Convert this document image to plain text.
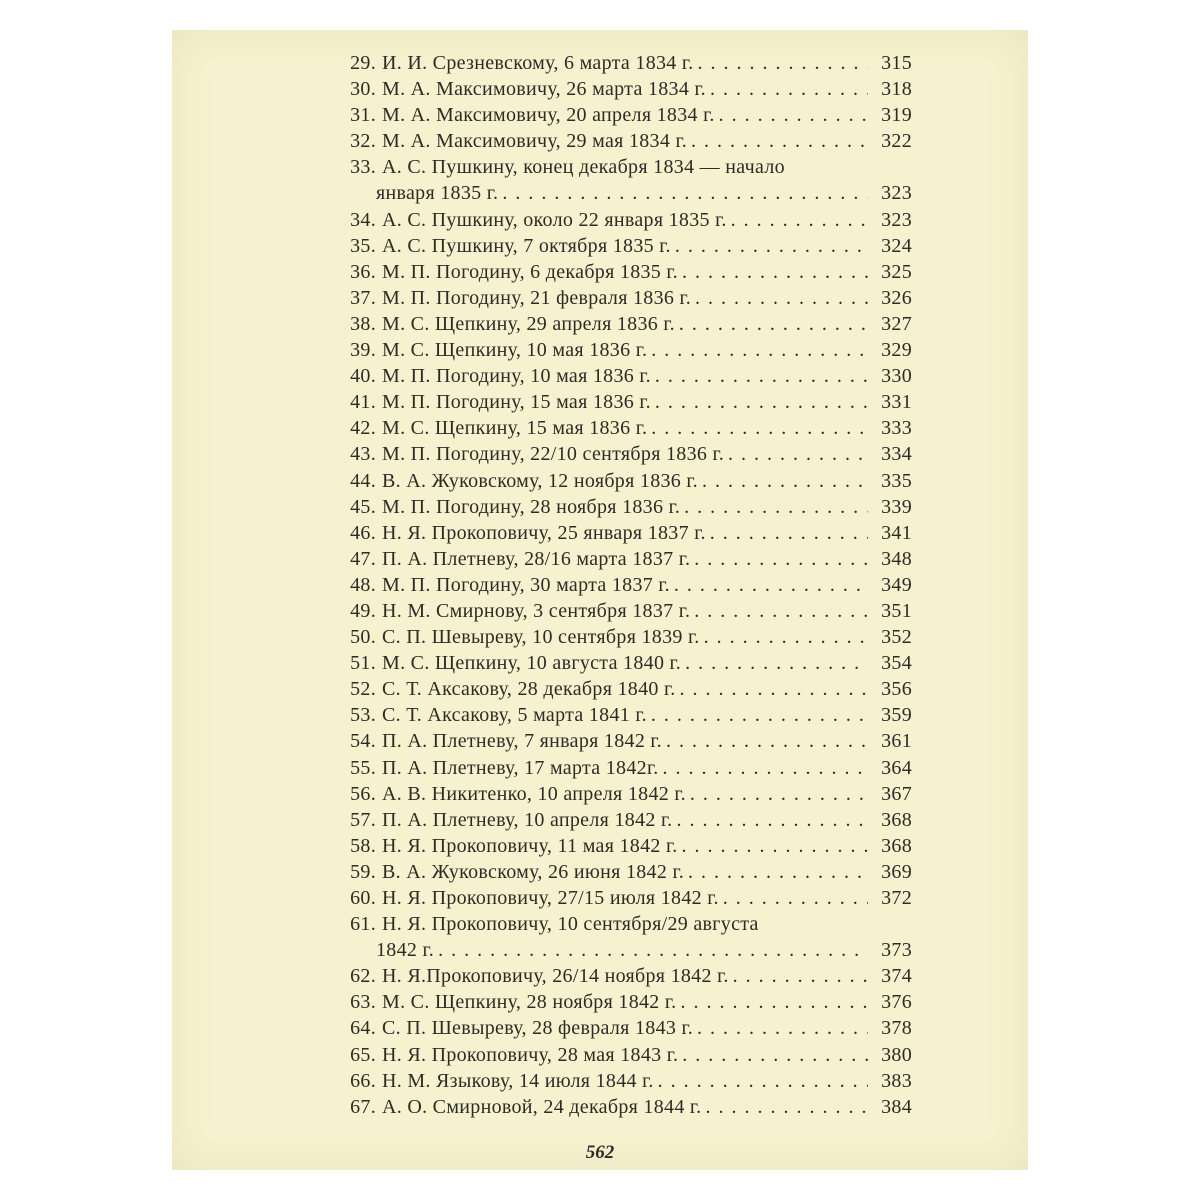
29. И. И. Срезневскому, 6 марта 1834 г. . . .	315
30. М. А. Максимовичу, 26 марта 1834 г. . . .	318
31. М. А. Максимовичу, 20 апреля 1834 г. . . .	319
32. М. А. Максимовичу, 29 мая 1834 г. . . .	322
33. А. С. Пушкину, конец декабря 1834 — начало
января 1835 г. . . .	323
34. А. С. Пушкину, около 22 января 1835 г. . . .	323
35. А. С. Пушкину, 7 октября 1835 г. . . .	324
36. М. П. Погодину, 6 декабря 1835 г. . . .	325
37. М. П. Погодину, 21 февраля 1836 г. . . .	326
38. М. С. Щепкину, 29 апреля 1836 г. . . .	327
39. М. С. Щепкину, 10 мая 1836 г. . . .	329
40. М. П. Погодину, 10 мая 1836 г. . . .	330
41. М. П. Погодину, 15 мая 1836 г. . . .	331
42. М. С. Щепкину, 15 мая 1836 г. . . .	333
43. М. П. Погодину, 22/10 сентября 1836 г. . . .	334
44. В. А. Жуковскому, 12 ноября 1836 г. . . .	335
45. М. П. Погодину, 28 ноября 1836 г. . . .	339
46. Н. Я. Прокоповичу, 25 января 1837 г. . . .	341
47. П. А. Плетневу, 28/16 марта 1837 г. . . .	348
48. М. П. Погодину, 30 марта 1837 г. . . .	349
49. Н. М. Смирнову, 3 сентября 1837 г. . . .	351
50. С. П. Шевыреву, 10 сентября 1839 г. . . .	352
51. М. С. Щепкину, 10 августа 1840 г. . . .	354
52. С. Т. Аксакову, 28 декабря 1840 г. . . .	356
53. С. Т. Аксакову, 5 марта 1841 г. . . .	359
54. П. А. Плетневу, 7 января 1842 г. . . .	361
55. П. А. Плетневу, 17 марта 1842г. . . .	364
56. А. В. Никитенко, 10 апреля 1842 г. . . .	367
57. П. А. Плетневу, 10 апреля 1842 г. . . .	368
58. Н. Я. Прокоповичу, 11 мая 1842 г. . . .	368
59. В. А. Жуковскому, 26 июня 1842 г. . . .	369
60. Н. Я. Прокоповичу, 27/15 июля 1842 г. . . .	372
61. Н. Я. Прокоповичу, 10 сентября/29 августа
1842 г. . . .	373
62. Н. Я.Прокоповичу, 26/14 ноября 1842 г. . . .	374
63. М. С. Щепкину, 28 ноября 1842 г. . . .	376
64. С. П. Шевыреву, 28 февраля 1843 г. . . .	378
65. Н. Я. Прокоповичу, 28 мая 1843 г. . . .	380
66. Н. М. Языкову, 14 июля 1844 г. . . .	383
67. А. О. Смирновой, 24 декабря 1844 г. . . .	384
562
